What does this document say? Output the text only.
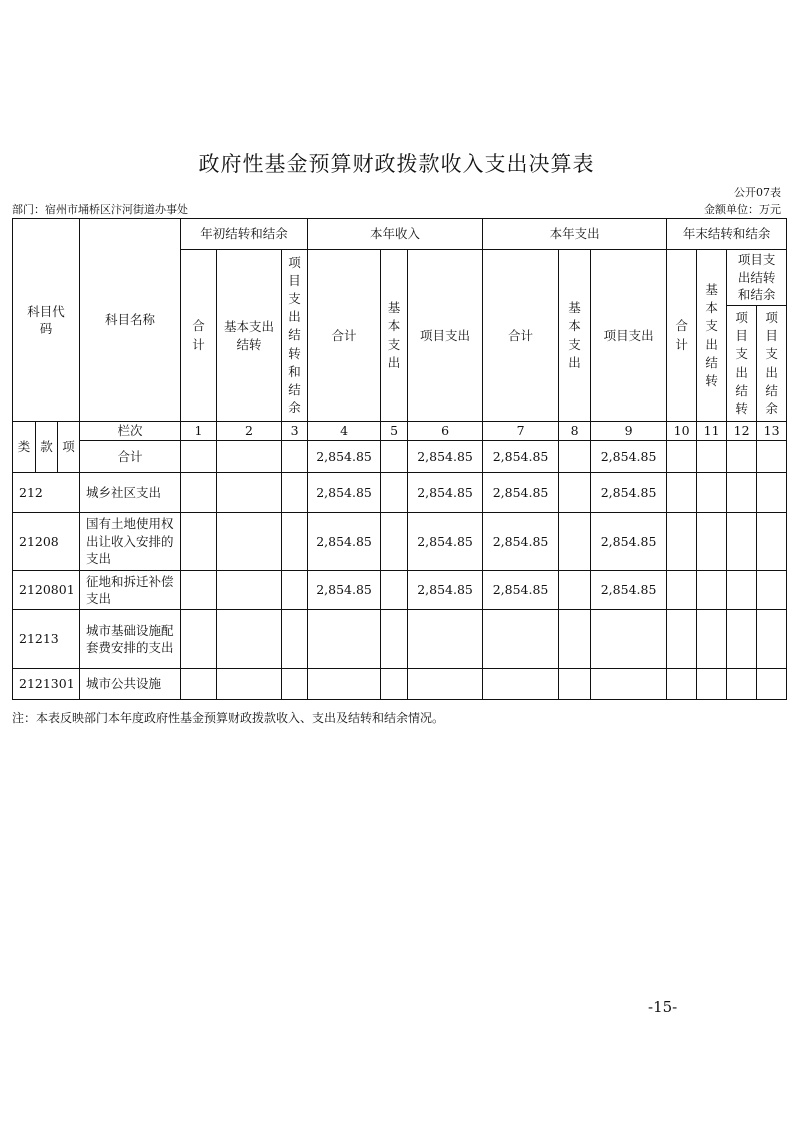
政府性基金预算财政拨款收入支出决算表
公开07表
部门：宿州市埇桥区汴河街道办事处	金额单位：万元
科目代码			科目名称	年初结转和结余			本年收入			本年支出			年末结转和结余			
				合计	基本支出结转	项目支出结转和结余	合计	基本支出	项目支出	合计	基本支出	项目支出	合计	基本支出结转	项目支出结转和结余	
															项目支出结转	项目支出结余
类	款	项	栏次	1	2	3	4	5	6	7	8	9	10	11	12	13
			合计				2,854.85		2,854.85	2,854.85		2,854.85				
212			城乡社区支出				2,854.85		2,854.85	2,854.85		2,854.85				
21208			国有土地使用权出让收入安排的支出				2,854.85		2,854.85	2,854.85		2,854.85				
2120801			征地和拆迁补偿支出				2,854.85		2,854.85	2,854.85		2,854.85				
21213			城市基础设施配套费安排的支出													
2121301			城市公共设施													
注：本表反映部门本年度政府性基金预算财政拨款收入、支出及结转和结余情况。
-15-
